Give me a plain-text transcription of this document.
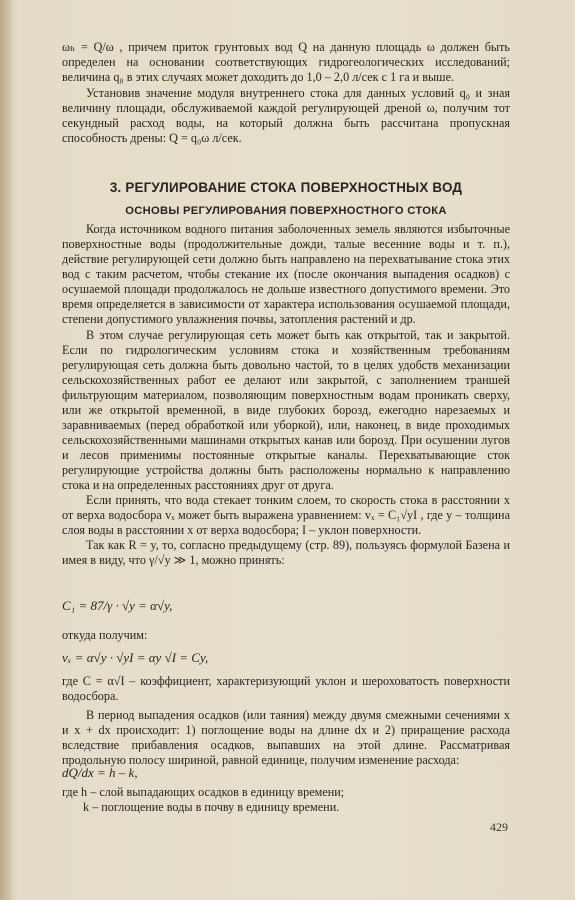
ωₕ = Q/ω , причем приток грунтовых вод Q на данную площадь ω должен быть определен на основании соответствующих гидрогеологических исследований; величина q₀ в этих случаях может доходить до 1,0 – 2,0 л/сек с 1 га и выше.

Установив значение модуля внутреннего стока для данных условий q₀ и зная величину площади, обслуживаемой каждой регулирующей дреной ω, получим тот секундный расход воды, на который должна быть рассчитана пропускная способность дрены: Q = q₀ω л/сек.

3. РЕГУЛИРОВАНИЕ СТОКА ПОВЕРХНОСТНЫХ ВОД
ОСНОВЫ РЕГУЛИРОВАНИЯ ПОВЕРХНОСТНОГО СТОКА

Когда источником водного питания заболоченных земель являются избыточные поверхностные воды (продолжительные дожди, талые весенние воды и т. п.), действие регулирующей сети должно быть направлено на перехватывание стока этих вод с таким расчетом, чтобы стекание их (после окончания выпадения осадков) с осушаемой площади продолжалось не дольше известного допустимого времени. Это время определяется в зависимости от характера использования осушаемой площади, степени допустимого увлажнения почвы, затопления растений и др.

В этом случае регулирующая сеть может быть как открытой, так и закрытой. Если по гидрологическим условиям стока и хозяйственным требованиям регулирующая сеть должна быть довольно частой, то в целях удобств механизации сельскохозяйственных работ ее делают или закрытой, с заполнением траншей фильтрующим материалом, позволяющим поверхностным водам проникать сверху, или же открытой временной, в виде глубоких борозд, ежегодно нарезаемых и заравниваемых (перед обработкой или уборкой), или, наконец, в виде проходимых сельскохозяйственными машинами открытых канав или борозд. При осушении лугов и лесов применимы постоянные открытые каналы. Перехватывающие сток регулирующие устройства должны быть расположены нормально к направлению стока и на определенных расстояниях друг от друга.

Если принять, что вода стекает тонким слоем, то скорость стока в расстоянии x от верха водосбора vₓ может быть выражена уравнением: vₓ = C₁√yI , где y – толщина слоя воды в расстоянии x от верха водосбора; I – уклон поверхности.

Так как R = y, то, согласно предыдущему (стр. 89), пользуясь формулой Базена и имея в виду, что γ/√y ≫ 1, можно принять:

C₁ = 87/γ · √y = α√y,

откуда получим:

vₓ = α√y · √yI = αy √I = Cy,

где C = α√I – коэффициент, характеризующий уклон и шероховатость поверхности водосбора.

В период выпадения осадков (или таяния) между двумя смежными сечениями x и x + dx происходит: 1) поглощение воды на длине dx и 2) приращение расхода вследствие прибавления осадков, выпавших на этой длине. Рассматривая продольную полосу шириной, равной единице, получим изменение расхода:

dQ/dx = h – k,

где h – слой выпадающих осадков в единицу времени;

k – поглощение воды в почву в единицу времени.

429
